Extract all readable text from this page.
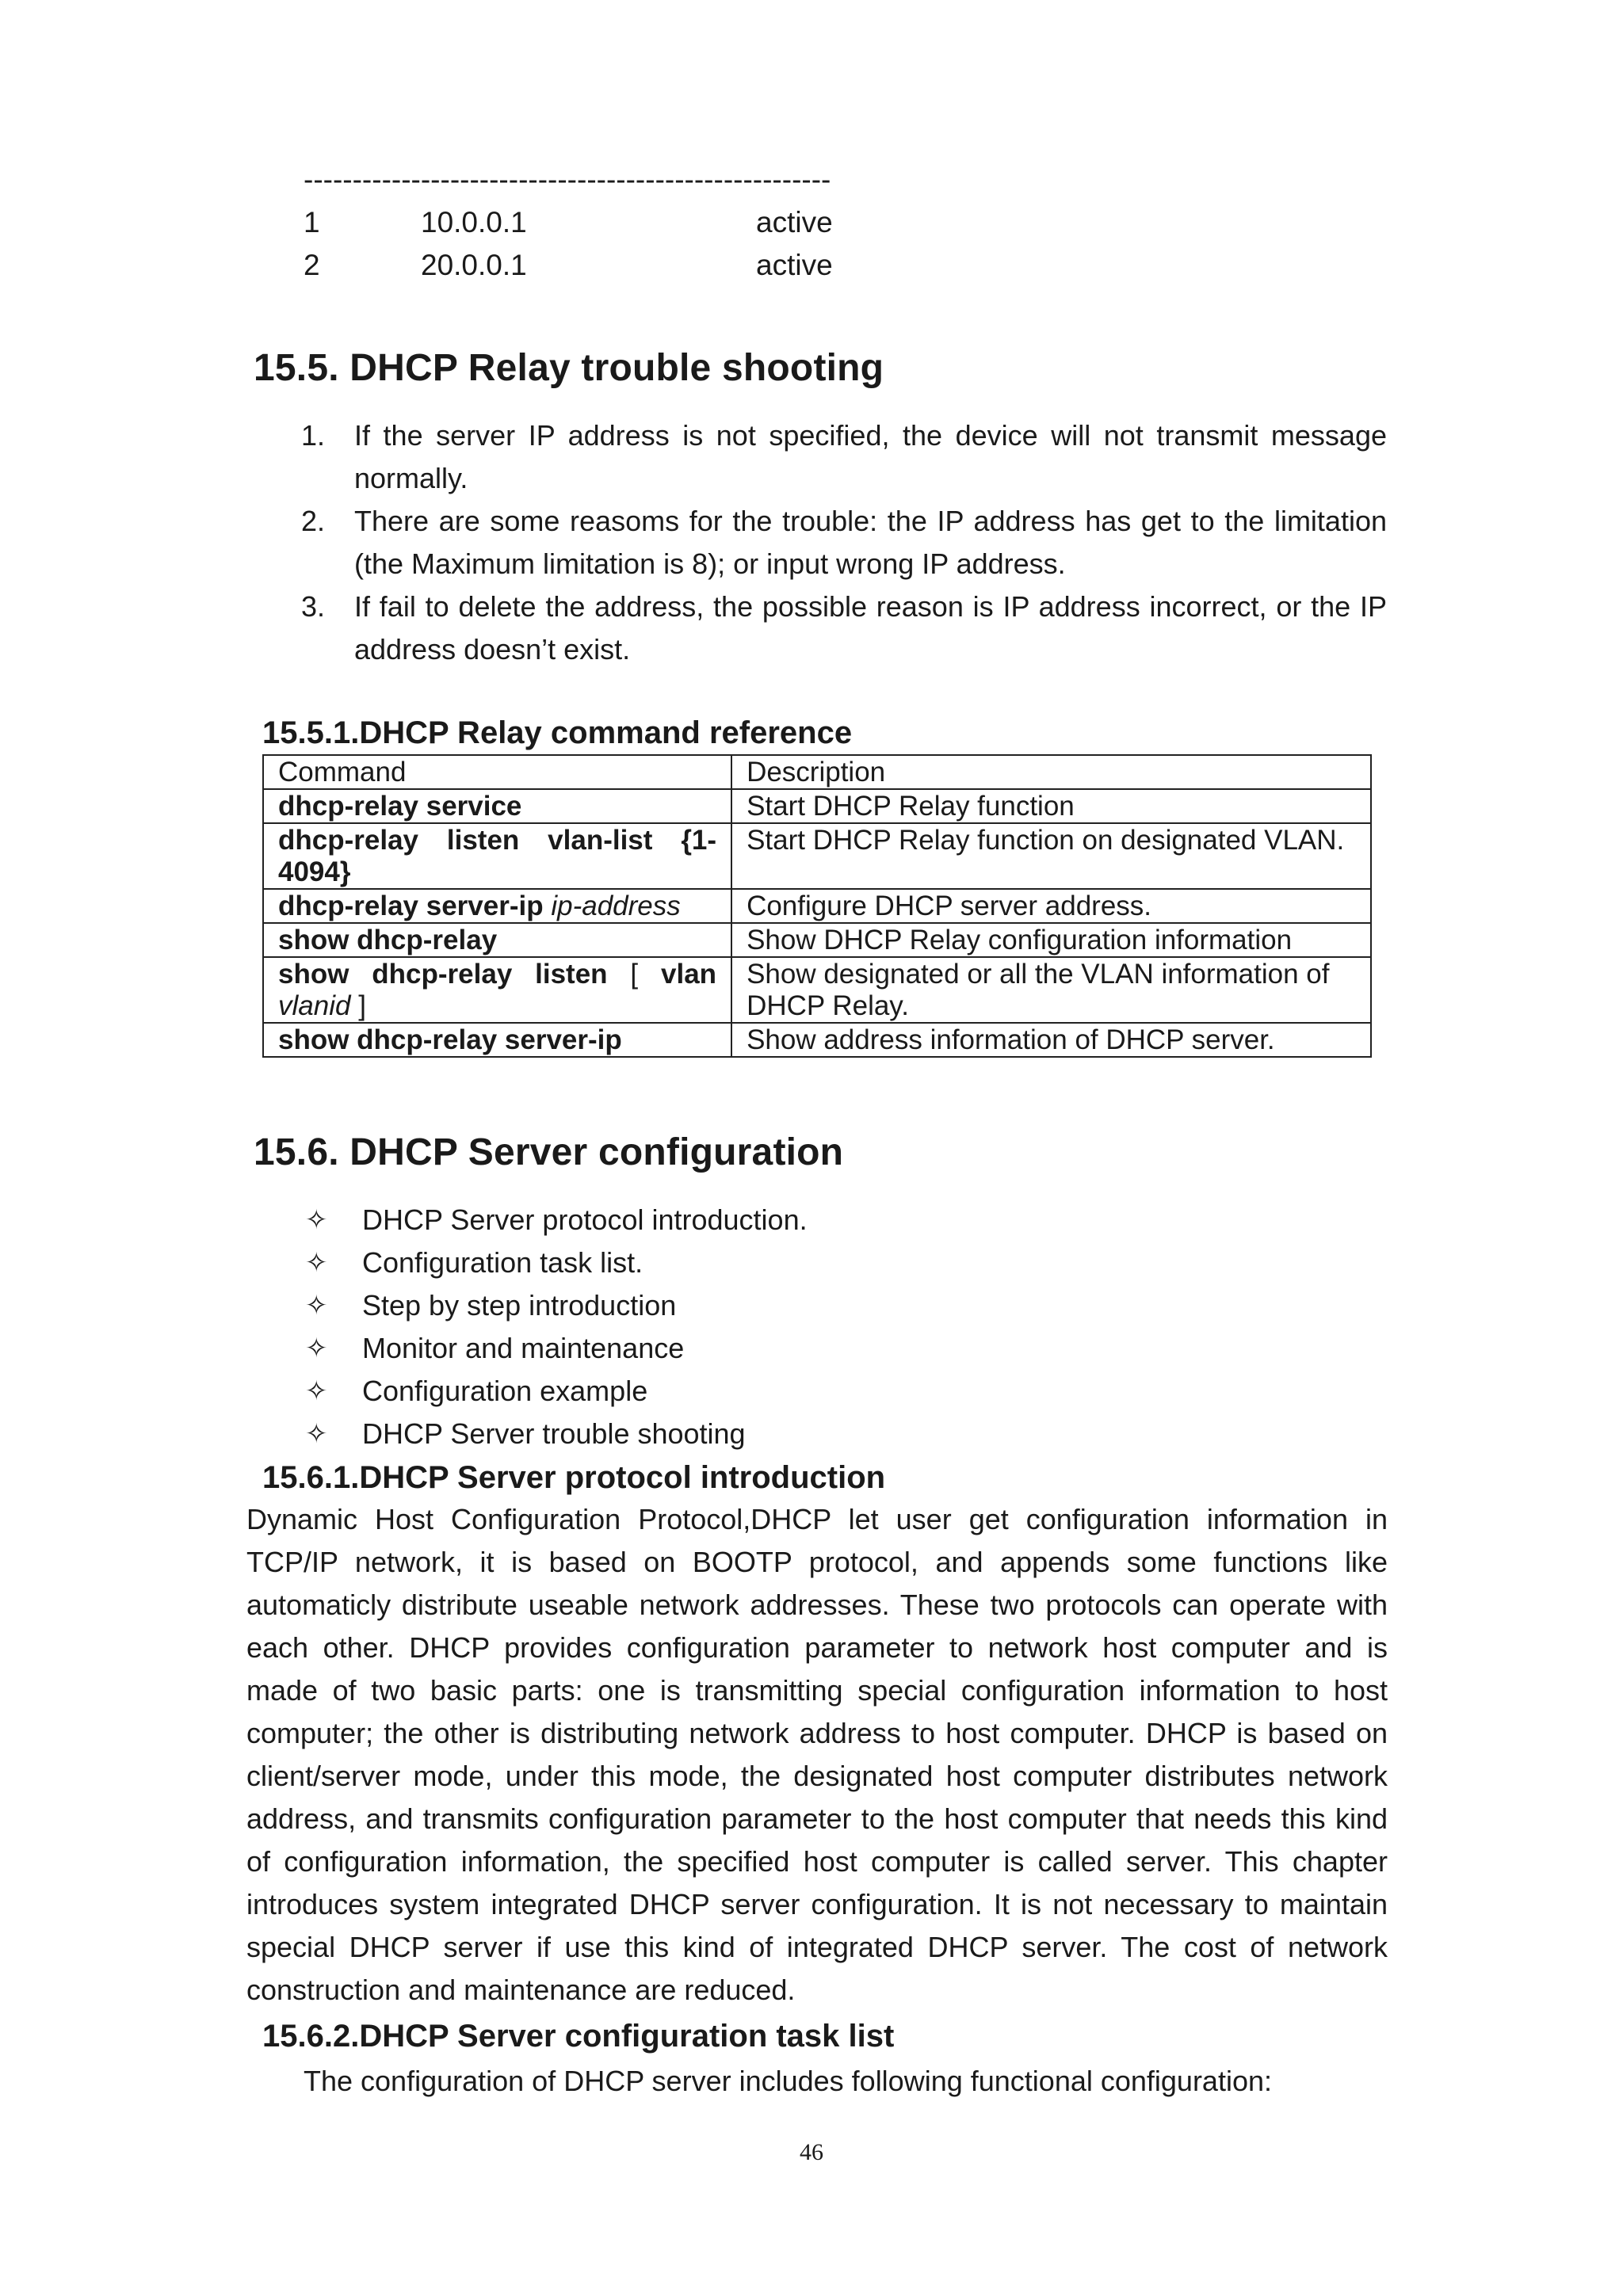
------------------------------------------------------
1	10.0.0.1	active
2	20.0.0.1	active
15.5. DHCP Relay trouble shooting
1. If the server IP address is not specified, the device will not transmit message normally.
2. There are some reasoms for the trouble: the IP address has get to the limitation (the Maximum limitation is 8); or input wrong IP address.
3. If fail to delete the address, the possible reason is IP address incorrect, or the IP address doesn’t exist.
15.5.1.DHCP Relay command reference
Command	Description
dhcp-relay service	Start DHCP Relay function
dhcp-relay listen vlan-list {1-4094}	Start DHCP Relay function on designated VLAN.
dhcp-relay server-ip ip-address	Configure DHCP server address.
show dhcp-relay	Show DHCP Relay configuration information
show dhcp-relay listen [ vlan vlanid ]	Show designated or all the VLAN information of DHCP Relay.
show dhcp-relay server-ip	Show address information of DHCP server.
15.6. DHCP Server configuration
✧ DHCP Server protocol introduction.
✧ Configuration task list.
✧ Step by step introduction
✧ Monitor and maintenance
✧ Configuration example
✧ DHCP Server trouble shooting
15.6.1.DHCP Server protocol introduction
Dynamic Host Configuration Protocol,DHCP let user get configuration information in TCP/IP network, it is based on BOOTP protocol, and appends some functions like automaticly distribute useable network addresses. These two protocols can operate with each other. DHCP provides configuration parameter to network host computer and is made of two basic parts: one is transmitting special configuration information to host computer; the other is distributing network address to host computer. DHCP is based on client/server mode, under this mode, the designated host computer distributes network address, and transmits configuration parameter to the host computer that needs this kind of configuration information, the specified host computer is called server. This chapter introduces system integrated DHCP server configuration. It is not necessary to maintain special DHCP server if use this kind of integrated DHCP server. The cost of network construction and maintenance are reduced.
15.6.2.DHCP Server configuration task list
The configuration of DHCP server includes following functional configuration:
46
